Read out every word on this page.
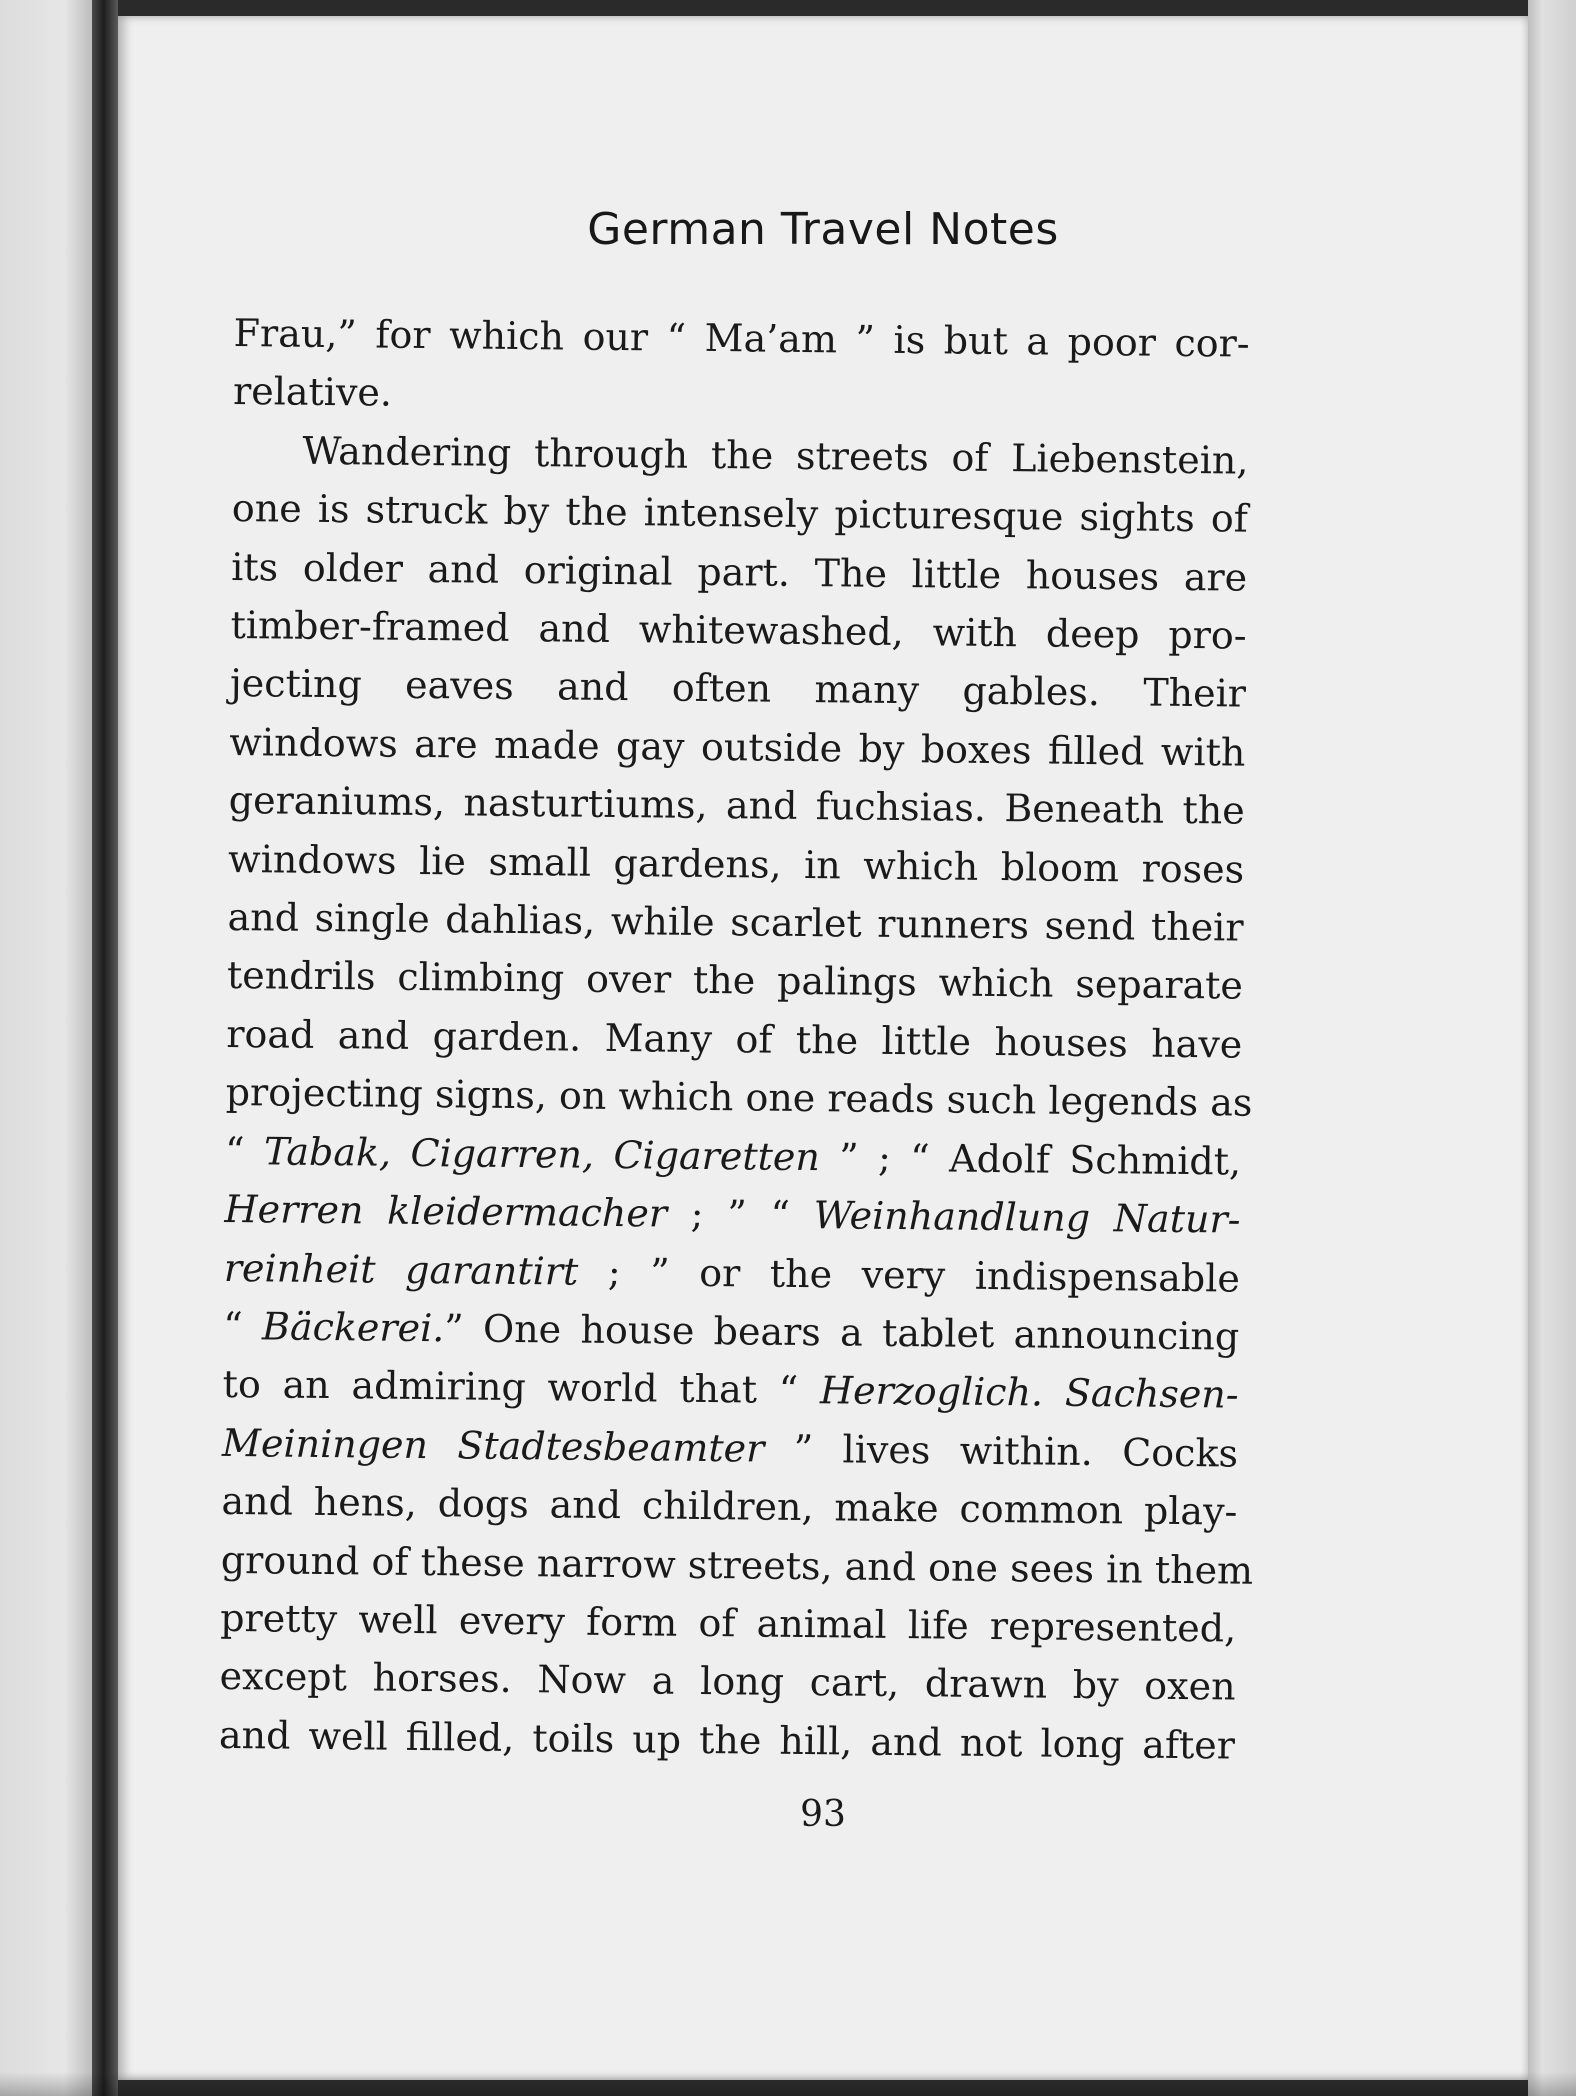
German Travel Notes
Frau,” for which our “ Ma’am ” is but a poor cor-
relative.
Wandering through the streets of Liebenstein,
one is struck by the intensely picturesque sights of
its older and original part. The little houses are
timber-framed and whitewashed, with deep pro-
jecting eaves and often many gables. Their
windows are made gay outside by boxes filled with
geraniums, nasturtiums, and fuchsias. Beneath the
windows lie small gardens, in which bloom roses
and single dahlias, while scarlet runners send their
tendrils climbing over the palings which separate
road and garden. Many of the little houses have
projecting signs, on which one reads such legends as
“ Tabak, Cigarren, Cigaretten ” ; “ Adolf Schmidt,
Herren kleidermacher ; ” “ Weinhandlung Natur-
reinheit garantirt ; ” or the very indispensable
“ Bäckerei.” One house bears a tablet announcing
to an admiring world that “ Herzoglich. Sachsen-
Meiningen Stadtesbeamter ” lives within. Cocks
and hens, dogs and children, make common play-
ground of these narrow streets, and one sees in them
pretty well every form of animal life represented,
except horses. Now a long cart, drawn by oxen
and well filled, toils up the hill, and not long after
93
